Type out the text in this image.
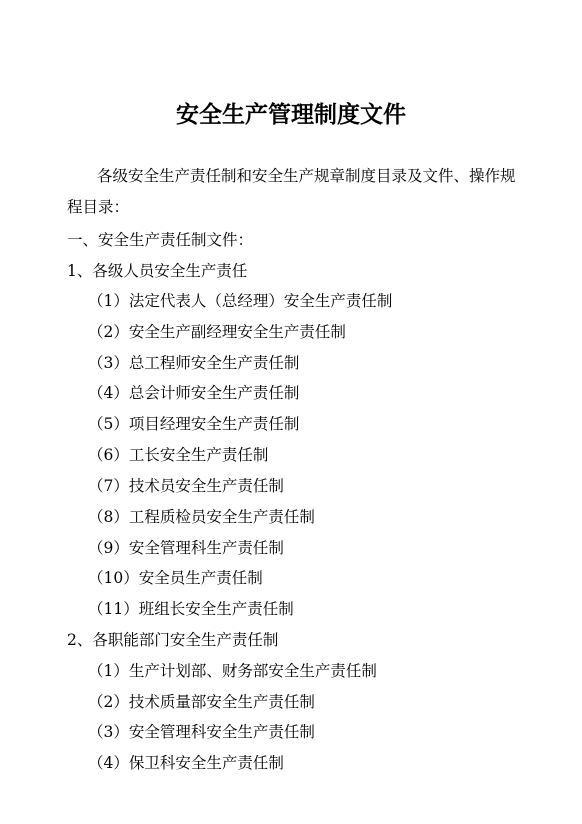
安全生产管理制度文件
各级安全生产责任制和安全生产规章制度目录及文件、操作规
程目录：
一、安全生产责任制文件：
1、各级人员安全生产责任
（1）法定代表人（总经理）安全生产责任制
（2）安全生产副经理安全生产责任制
（3）总工程师安全生产责任制
（4）总会计师安全生产责任制
（5）项目经理安全生产责任制
（6）工长安全生产责任制
（7）技术员安全生产责任制
（8）工程质检员安全生产责任制
（9）安全管理科生产责任制
（10）安全员生产责任制
（11）班组长安全生产责任制
2、各职能部门安全生产责任制
（1）生产计划部、财务部安全生产责任制
（2）技术质量部安全生产责任制
（3）安全管理科安全生产责任制
（4）保卫科安全生产责任制
